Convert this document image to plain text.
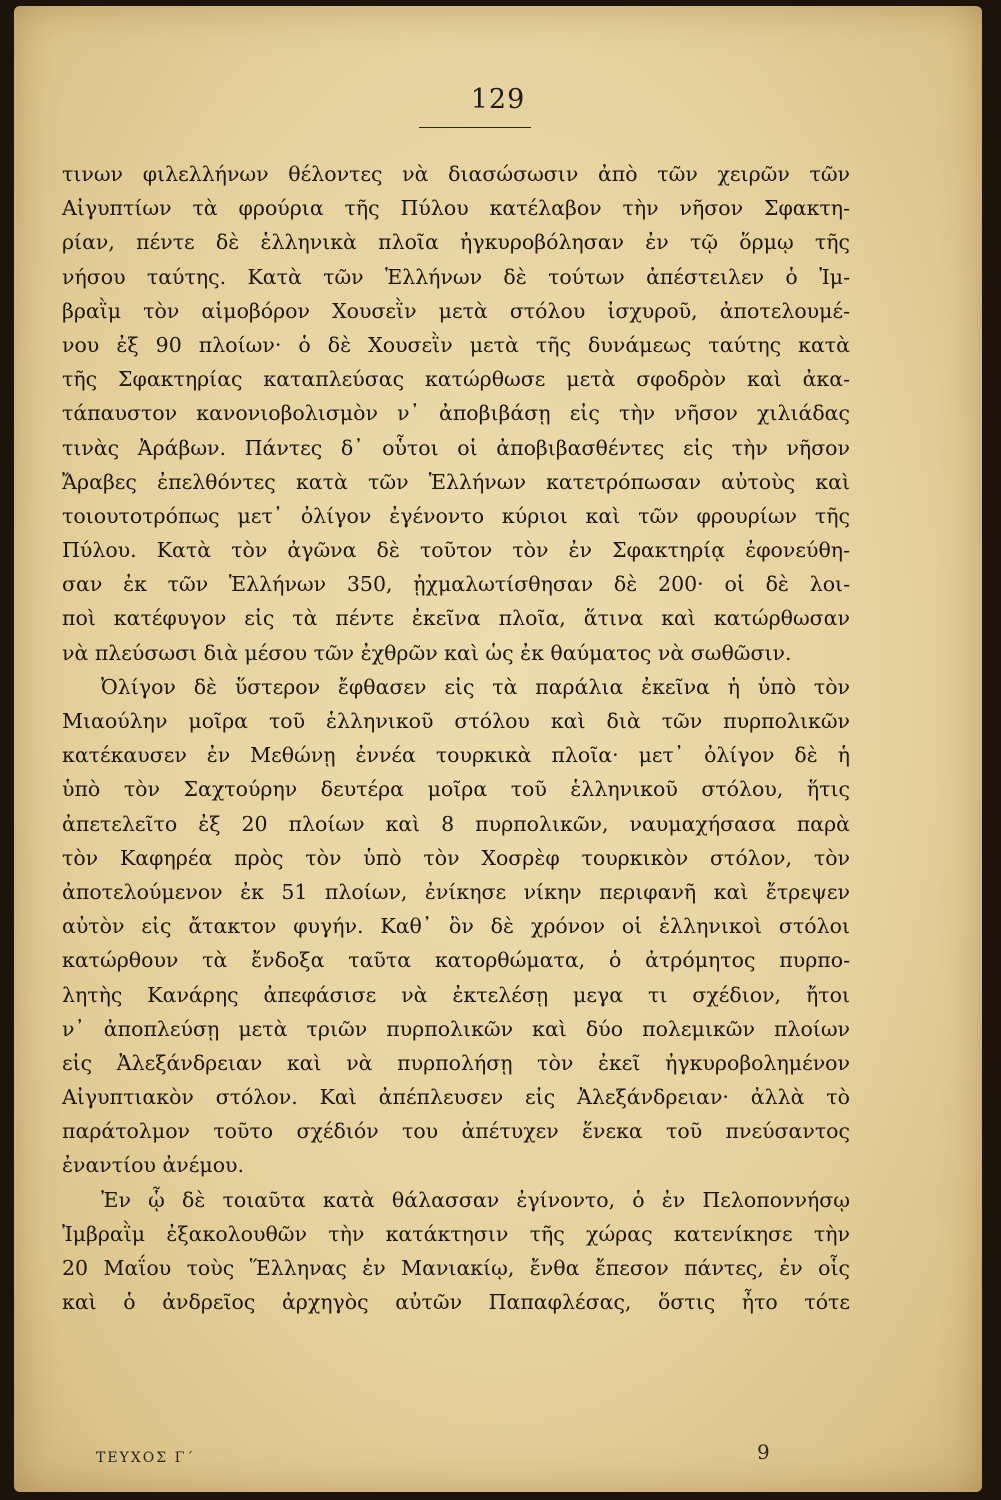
129
τινων φιλελλήνων θέλοντες νὰ διασώσωσιν ἀπὸ τῶν χειρῶν τῶν
Αἰγυπτίων τὰ φρούρια τῆς Πύλου κατέλαβον τὴν νῆσον Σφακτη-
ρίαν, πέντε δὲ ἑλληνικὰ πλοῖα ἠγκυροβόλησαν ἐν τῷ ὅρμῳ τῆς
νήσου ταύτης. Κατὰ τῶν Ἑλλήνων δὲ τούτων ἀπέστειλεν ὁ Ἰμ-
βραῒμ τὸν αἱμοβόρον Χουσεῒν μετὰ στόλου ἰσχυροῦ, ἀποτελουμέ-
νου ἐξ 90 πλοίων· ὁ δὲ Χουσεῒν μετὰ τῆς δυνάμεως ταύτης κατὰ
τῆς Σφακτηρίας καταπλεύσας κατώρθωσε μετὰ σφοδρὸν καὶ ἀκα-
τάπαυστον κανονιοβολισμὸν ν᾿ ἀποβιβάσῃ εἰς τὴν νῆσον χιλιάδας
τινὰς Ἀράβων. Πάντες δ᾿ οὗτοι οἱ ἀποβιβασθέντες εἰς τὴν νῆσον
Ἄραβες ἐπελθόντες κατὰ τῶν Ἑλλήνων κατετρόπωσαν αὐτοὺς καὶ
τοιουτοτρόπως μετ᾿ ὀλίγον ἐγένοντο κύριοι καὶ τῶν φρουρίων τῆς
Πύλου. Κατὰ τὸν ἀγῶνα δὲ τοῦτον τὸν ἐν Σφακτηρίᾳ ἐφονεύθη-
σαν ἐκ τῶν Ἑλλήνων 350, ᾐχμαλωτίσθησαν δὲ 200· οἱ δὲ λοι-
ποὶ κατέφυγον εἰς τὰ πέντε ἐκεῖνα πλοῖα, ἅτινα καὶ κατώρθωσαν
νὰ πλεύσωσι διὰ μέσου τῶν ἐχθρῶν καὶ ὡς ἐκ θαύματος νὰ σωθῶσιν.
Ὀλίγον δὲ ὕστερον ἔφθασεν εἰς τὰ παράλια ἐκεῖνα ἡ ὑπὸ τὸν
Μιαούλην μοῖρα τοῦ ἑλληνικοῦ στόλου καὶ διὰ τῶν πυρπολικῶν
κατέκαυσεν ἐν Μεθώνῃ ἐννέα τουρκικὰ πλοῖα· μετ᾿ ὀλίγον δὲ ἡ
ὑπὸ τὸν Σαχτούρην δευτέρα μοῖρα τοῦ ἑλληνικοῦ στόλου, ἥτις
ἀπετελεῖτο ἐξ 20 πλοίων καὶ 8 πυρπολικῶν, ναυμαχήσασα παρὰ
τὸν Καφηρέα πρὸς τὸν ὑπὸ τὸν Χοσρὲφ τουρκικὸν στόλον, τὸν
ἀποτελούμενον ἐκ 51 πλοίων, ἐνίκησε νίκην περιφανῆ καὶ ἔτρεψεν
αὐτὸν εἰς ἄτακτον φυγήν. Καθ᾿ ὃν δὲ χρόνον οἱ ἑλληνικοὶ στόλοι
κατώρθουν τὰ ἔνδοξα ταῦτα κατορθώματα, ὁ ἀτρόμητος πυρπο-
λητὴς Κανάρης ἀπεφάσισε νὰ ἐκτελέσῃ μεγα τι σχέδιον, ἤτοι
ν᾿ ἀποπλεύσῃ μετὰ τριῶν πυρπολικῶν καὶ δύο πολεμικῶν πλοίων
εἰς Ἀλεξάνδρειαν καὶ νὰ πυρπολήσῃ τὸν ἐκεῖ ἠγκυροβολημένον
Αἰγυπτιακὸν στόλον. Καὶ ἀπέπλευσεν εἰς Ἀλεξάνδρειαν· ἀλλὰ τὸ
παράτολμον τοῦτο σχέδιόν του ἀπέτυχεν ἕνεκα τοῦ πνεύσαντος
ἐναντίου ἀνέμου.
Ἐν ᾧ δὲ τοιαῦτα κατὰ θάλασσαν ἐγίνοντο, ὁ ἐν Πελοποννήσῳ
Ἰμβραῒμ ἐξακολουθῶν τὴν κατάκτησιν τῆς χώρας κατενίκησε τὴν
20 Μαΐου τοὺς Ἕλληνας ἐν Μανιακίῳ, ἔνθα ἔπεσον πάντες, ἐν οἷς
καὶ ὁ ἀνδρεῖος ἀρχηγὸς αὐτῶν Παπαφλέσας, ὅστις ἦτο τότε
ΤΕΥΧΟΣ Γ΄	9
